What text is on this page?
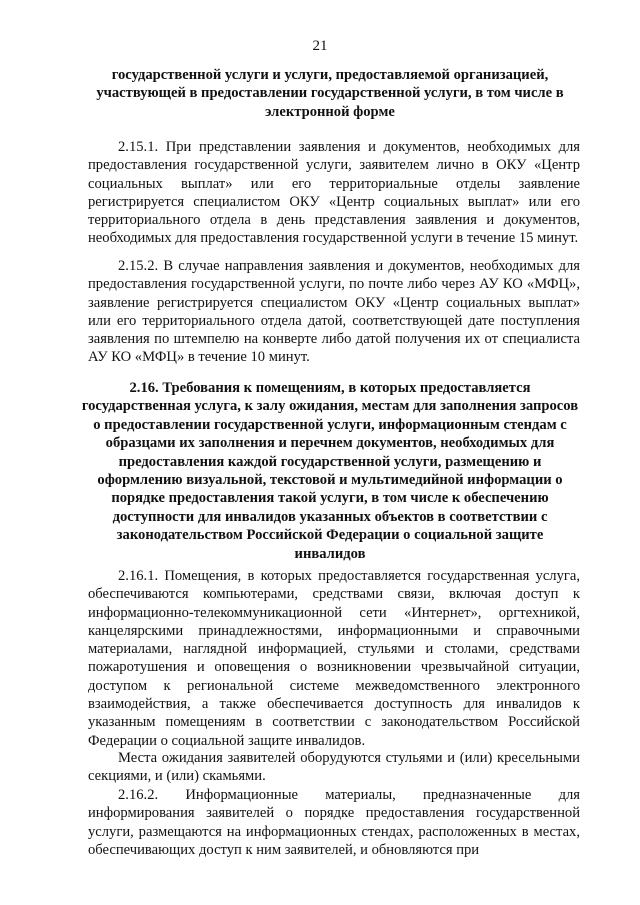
21
государственной услуги и услуги, предоставляемой организацией, участвующей в предоставлении государственной услуги, в том числе в электронной форме

2.15.1. При представлении заявления и документов, необходимых для предоставления государственной услуги, заявителем лично в ОКУ «Центр социальных выплат» или его территориальные отделы заявление регистрируется специалистом ОКУ «Центр социальных выплат» или его территориального отдела в день представления заявления и документов, необходимых для предоставления государственной услуги в течение 15 минут.

2.15.2. В случае направления заявления и документов, необходимых для предоставления государственной услуги, по почте либо через АУ КО «МФЦ», заявление регистрируется специалистом ОКУ «Центр социальных выплат» или его территориального отдела датой, соответствующей дате поступления заявления по штемпелю на конверте либо датой получения их от специалиста АУ КО «МФЦ» в течение 10 минут.

2.16. Требования к помещениям, в которых предоставляется государственная услуга, к залу ожидания, местам для заполнения запросов о предоставлении государственной услуги, информационным стендам с образцами их заполнения и перечнем документов, необходимых для предоставления каждой государственной услуги, размещению и оформлению визуальной, текстовой и мультимедийной информации о порядке предоставления такой услуги, в том числе к обеспечению доступности для инвалидов указанных объектов в соответствии с законодательством Российской Федерации о социальной защите инвалидов

2.16.1. Помещения, в которых предоставляется государственная услуга, обеспечиваются компьютерами, средствами связи, включая доступ к информационно-телекоммуникационной сети «Интернет», оргтехникой, канцелярскими принадлежностями, информационными и справочными материалами, наглядной информацией, стульями и столами, средствами пожаротушения и оповещения о возникновении чрезвычайной ситуации, доступом к региональной системе межведомственного электронного взаимодействия, а также обеспечивается доступность для инвалидов к указанным помещениям в соответствии с законодательством Российской Федерации о социальной защите инвалидов.

Места ожидания заявителей оборудуются стульями и (или) кресельными секциями, и (или) скамьями.

2.16.2. Информационные материалы, предназначенные для информирования заявителей о порядке предоставления государственной услуги, размещаются на информационных стендах, расположенных в местах, обеспечивающих доступ к ним заявителей, и обновляются при
